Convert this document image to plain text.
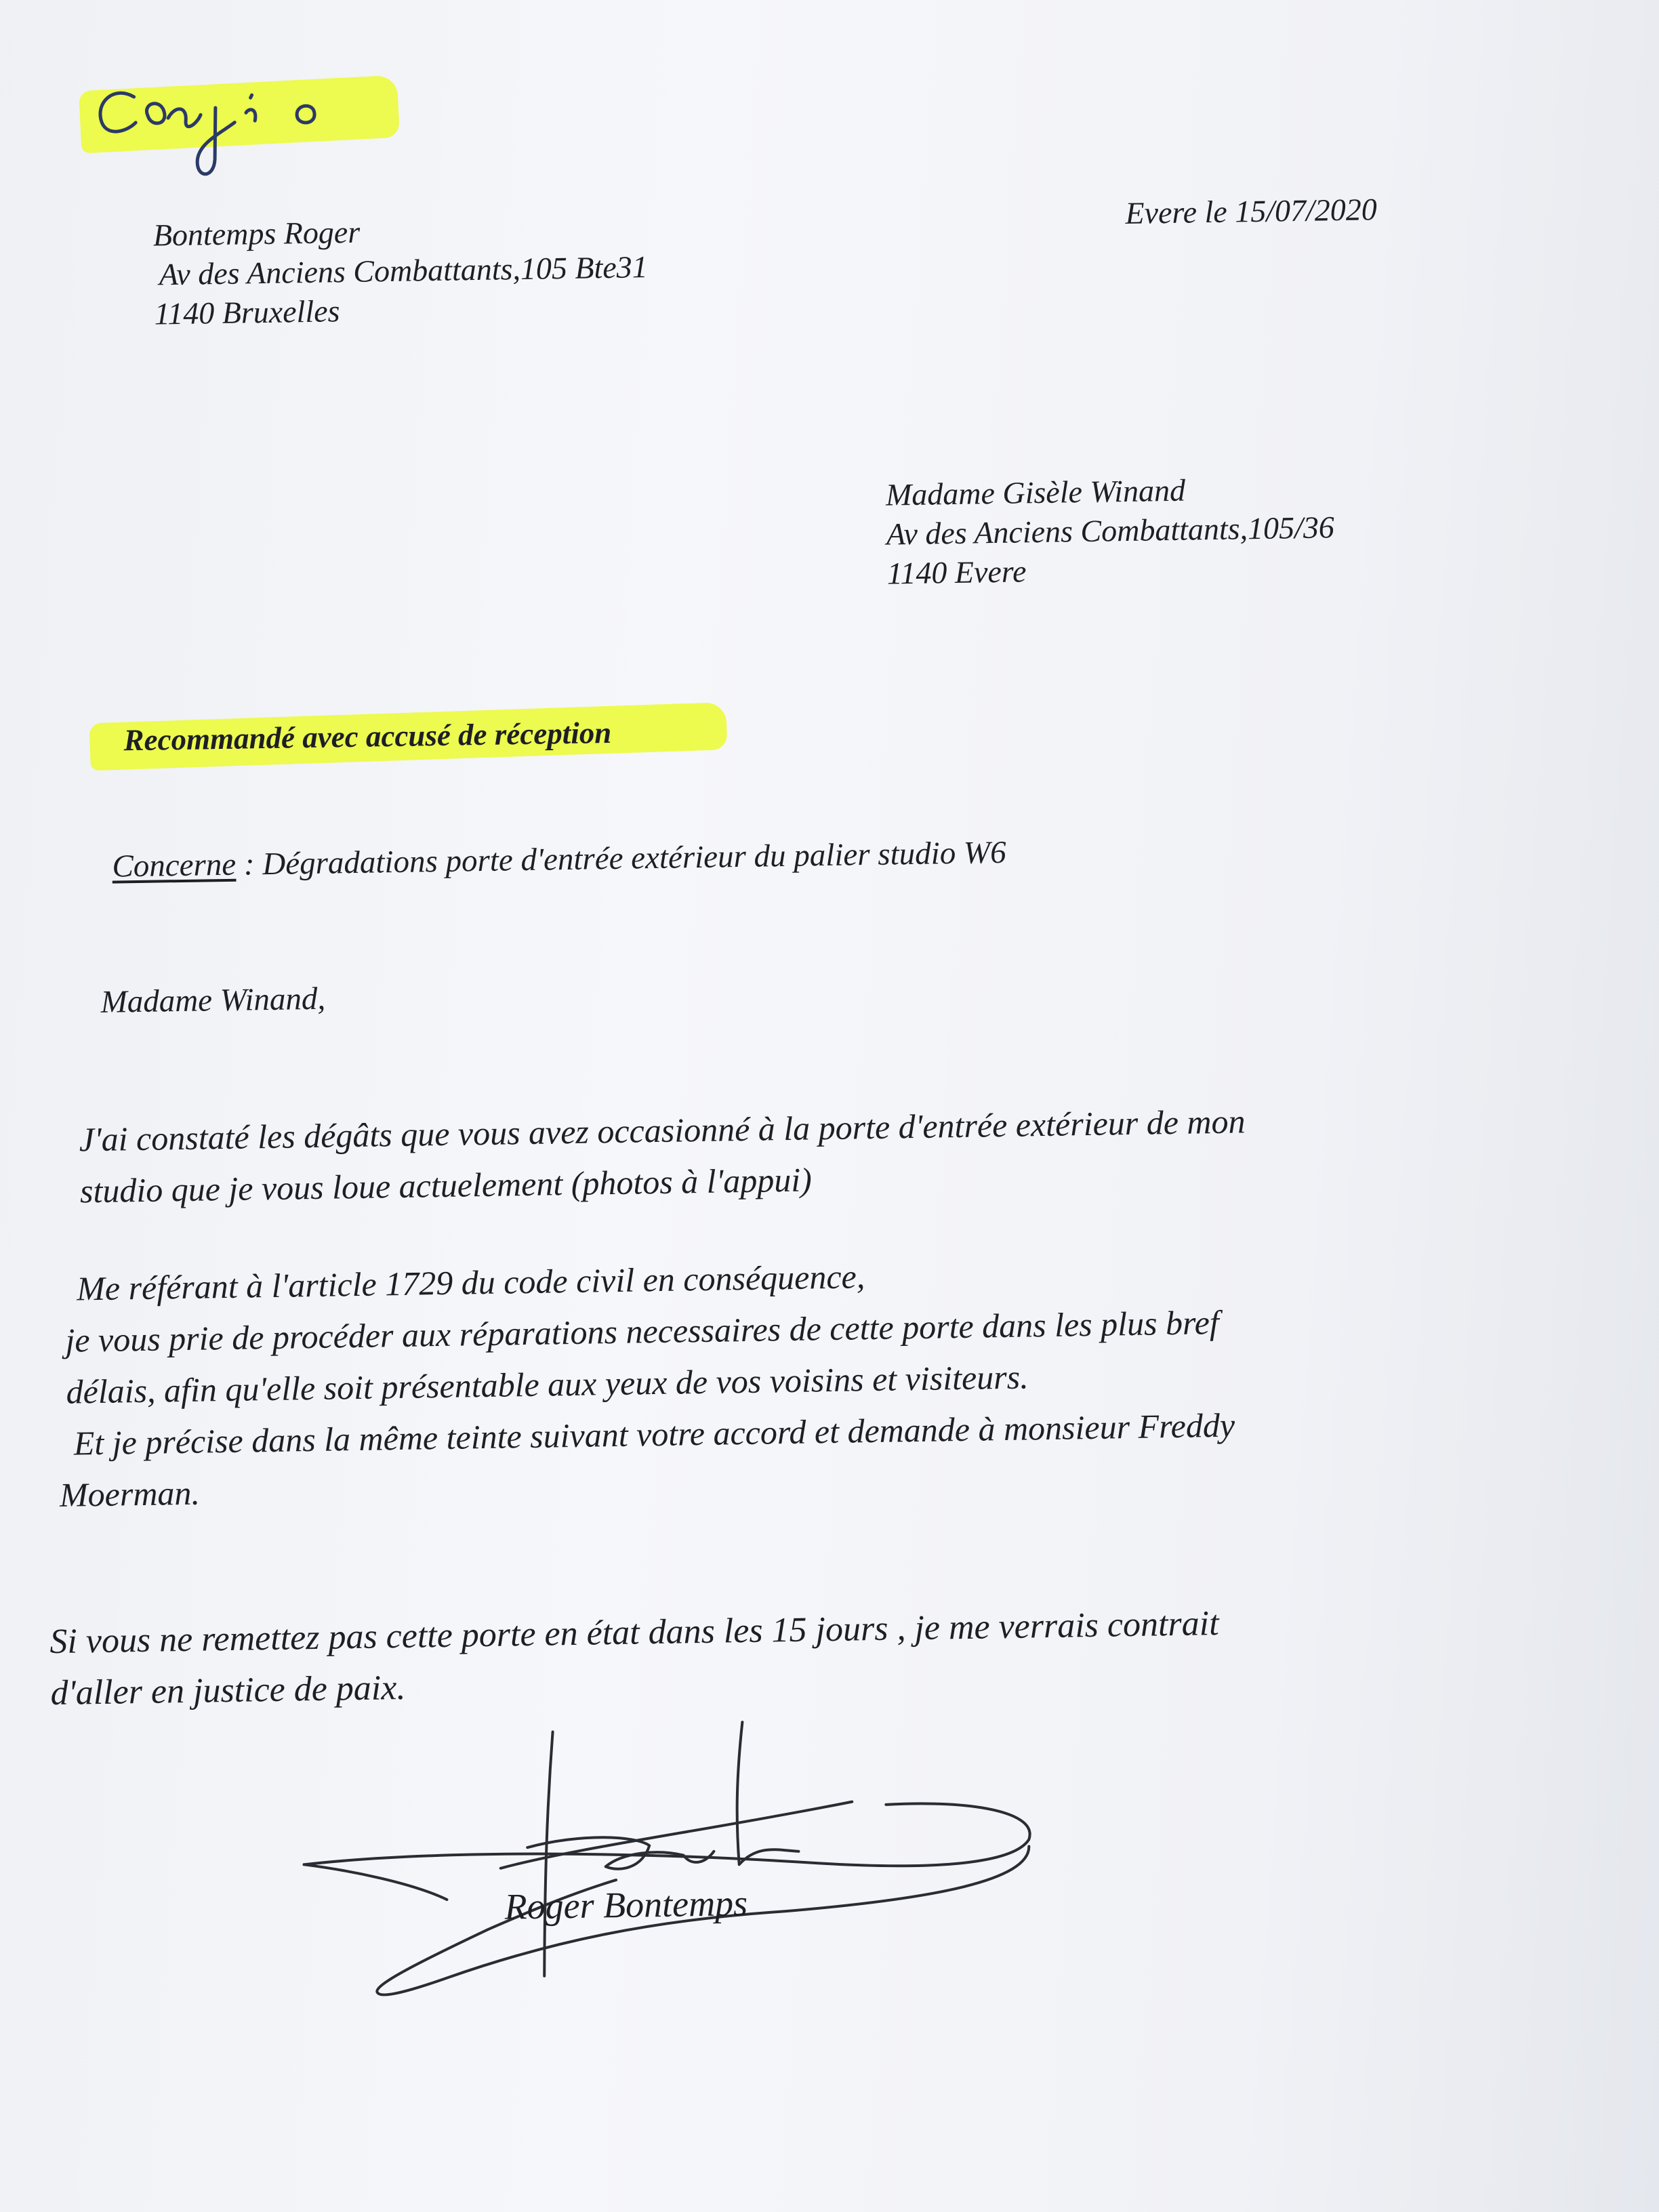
Bontemps Roger
Av des Anciens Combattants,105 Bte31
1140 Bruxelles
Evere le 15/07/2020
Madame Gisèle Winand
Av des Anciens Combattants,105/36
1140 Evere
Recommandé avec accusé de réception
Concerne : Dégradations porte d'entrée extérieur du palier studio W6
Madame Winand,
J'ai constaté les dégâts que vous avez occasionné à la porte d'entrée extérieur de mon
studio que je vous loue actuelement (photos à l'appui)
Me référant à l'article 1729 du code civil en conséquence,
je vous prie de procéder aux réparations necessaires de cette porte dans les plus bref
délais, afin qu'elle soit présentable aux yeux de vos voisins et visiteurs.
Et je précise dans la même teinte suivant votre accord et demande à monsieur Freddy
Moerman.
Si vous ne remettez pas cette porte en état dans les 15 jours , je me verrais contrait
d'aller en justice de paix.
Roger Bontemps
